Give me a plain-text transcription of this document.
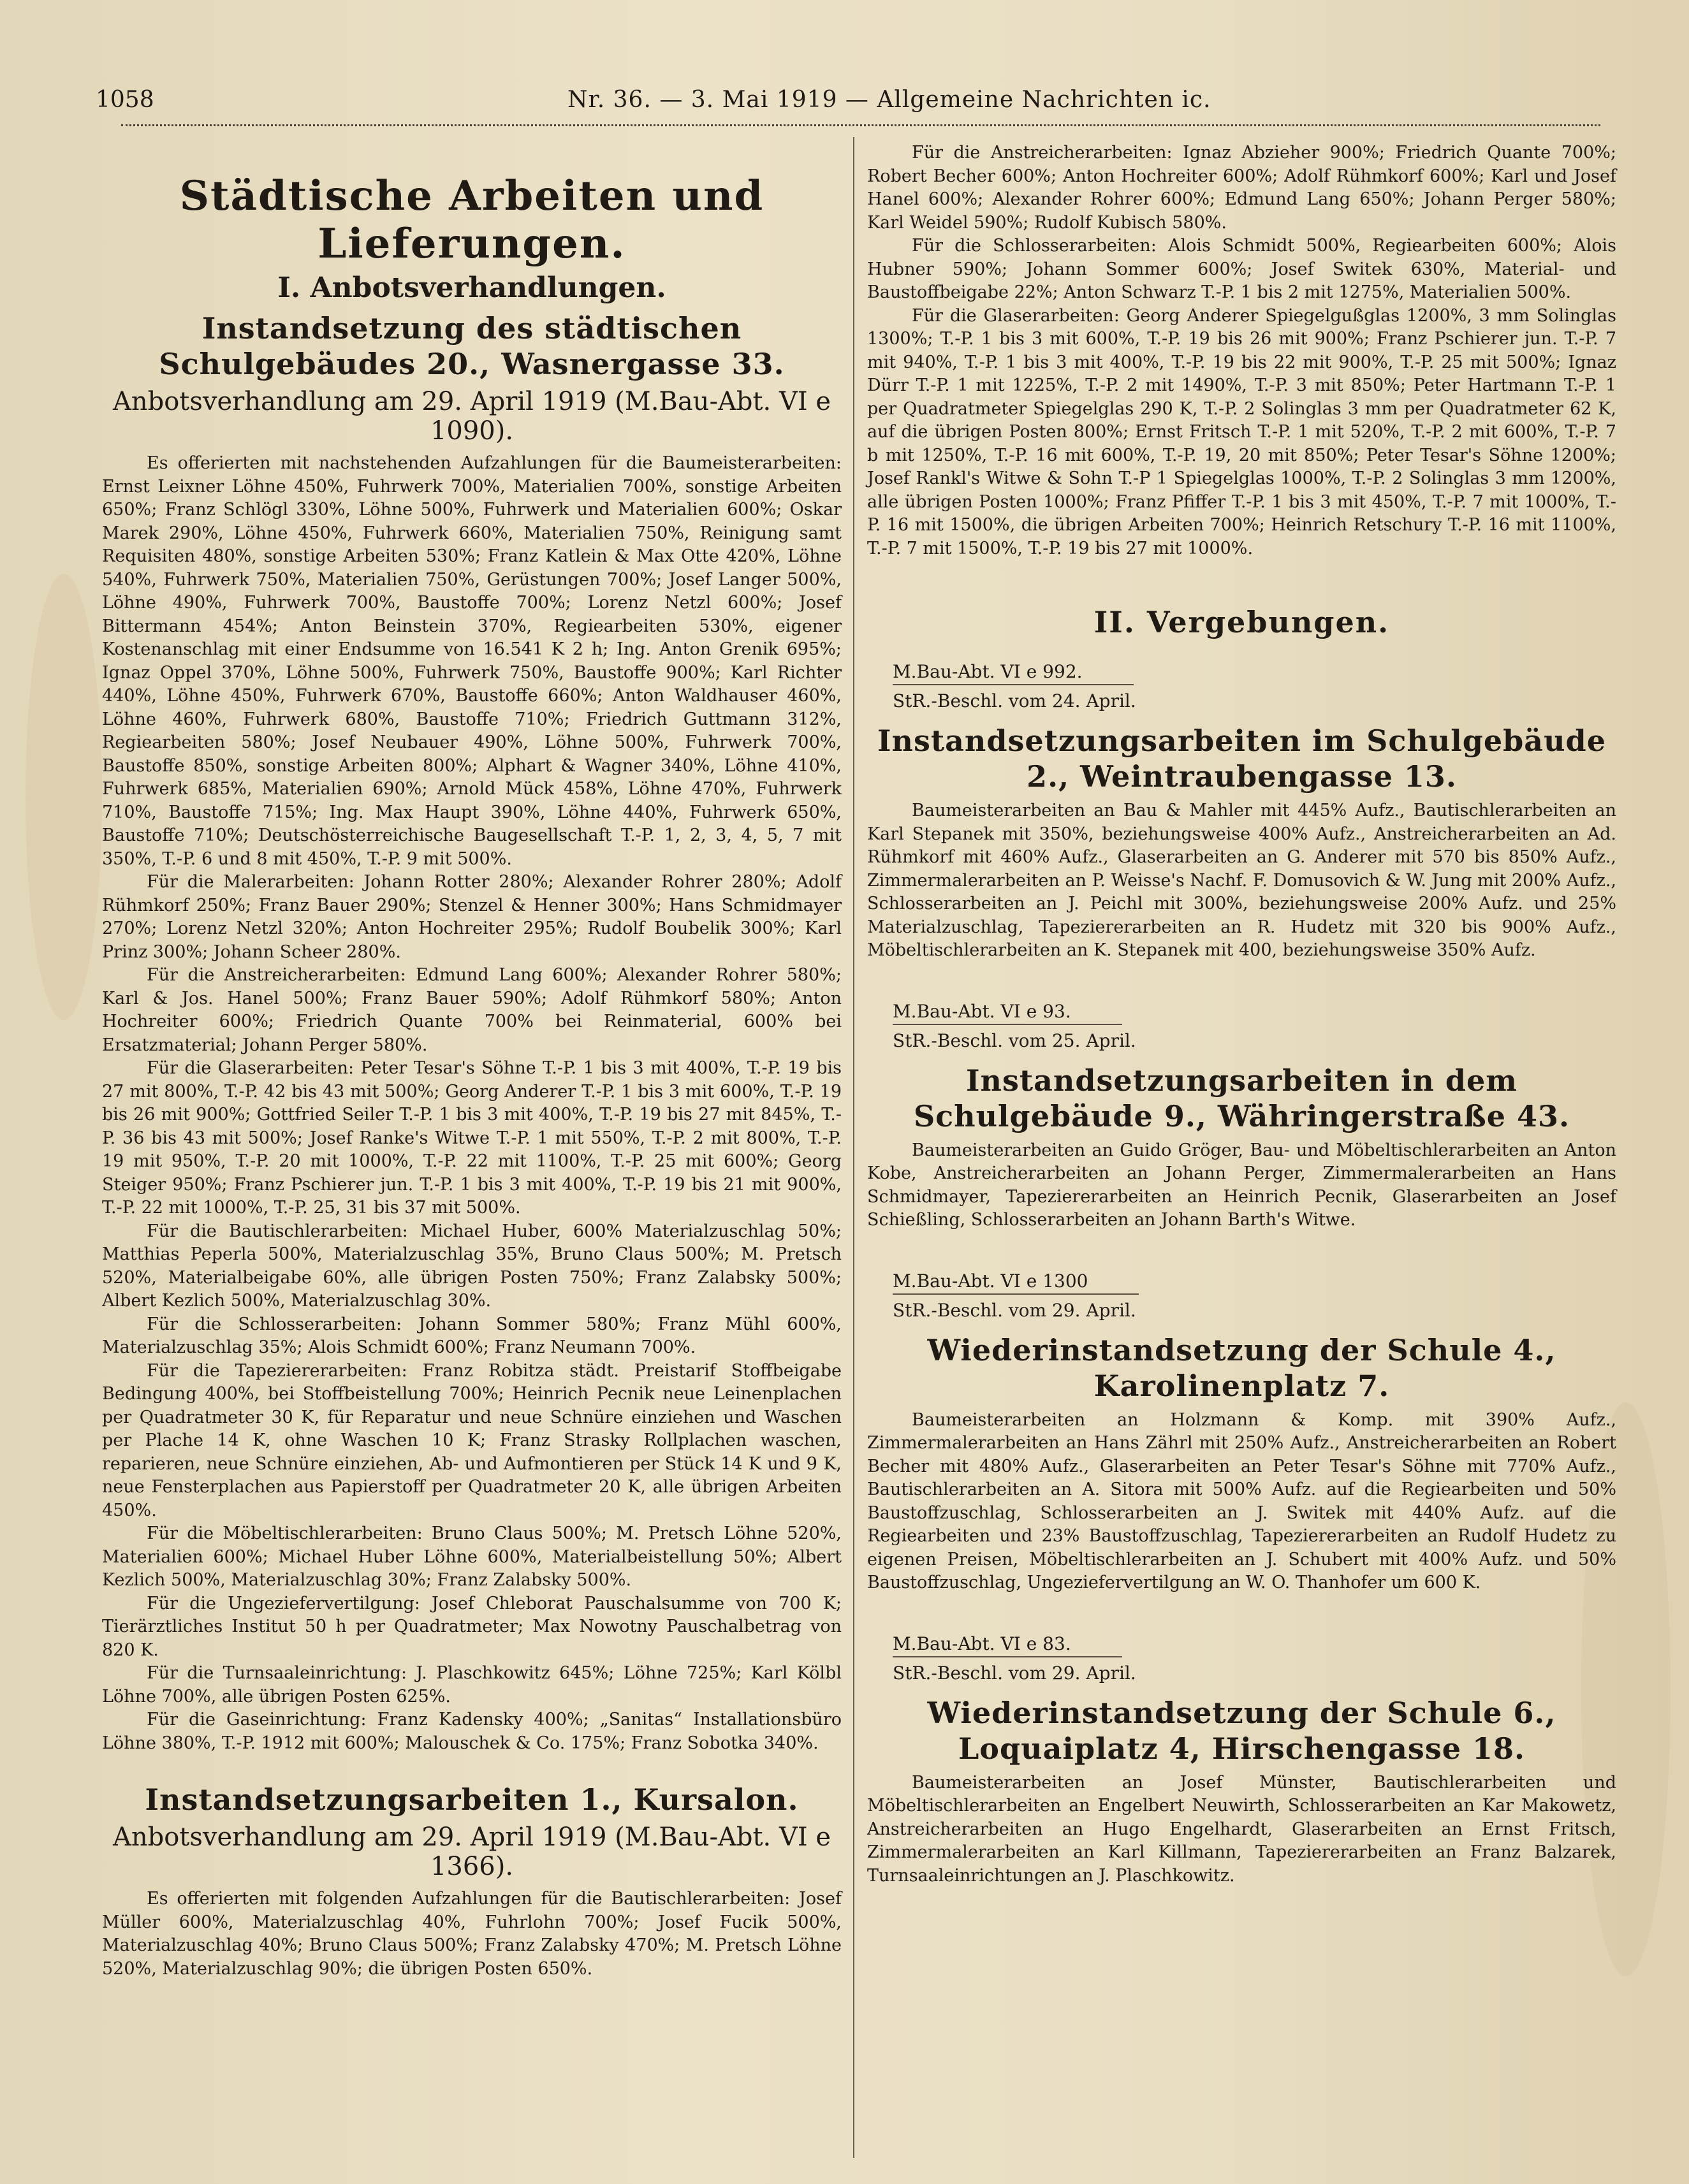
1058	Nr. 36. — 3. Mai 1919 — Allgemeine Nachrichten ic.
Städtische Arbeiten und Lieferungen.
I. Anbotsverhandlungen.
Instandsetzung des städtischen Schulgebäudes 20., Wasnergasse 33.
Anbotsverhandlung am 29. April 1919 (M.Bau-Abt. VI e 1090).

Es offerierten mit nachstehenden Aufzahlungen für die Baumeisterarbeiten: Ernst Leixner Löhne 450%, Fuhrwerk 700%, Materialien 700%, sonstige Arbeiten 650%; Franz Schlögl 330%, Löhne 500%, Fuhrwerk und Materialien 600%; Oskar Marek 290%, Löhne 450%, Fuhrwerk 660%, Materialien 750%, Reinigung samt Requisiten 480%, sonstige Arbeiten 530%; Franz Katlein & Max Otte 420%, Löhne 540%, Fuhrwerk 750%, Materialien 750%, Gerüstungen 700%; Josef Langer 500%, Löhne 490%, Fuhrwerk 700%, Baustoffe 700%; Lorenz Netzl 600%; Josef Bittermann 454%; Anton Beinstein 370%, Regiearbeiten 530%, eigener Kostenanschlag mit einer Endsumme von 16.541 K 2 h; Ing. Anton Grenik 695%; Ignaz Oppel 370%, Löhne 500%, Fuhrwerk 750%, Baustoffe 900%; Karl Richter 440%, Löhne 450%, Fuhrwerk 670%, Baustoffe 660%; Anton Waldhauser 460%, Löhne 460%, Fuhrwerk 680%, Baustoffe 710%; Friedrich Guttmann 312%, Regiearbeiten 580%; Josef Neubauer 490%, Löhne 500%, Fuhrwerk 700%, Baustoffe 850%, sonstige Arbeiten 800%; Alphart & Wagner 340%, Löhne 410%, Fuhrwerk 685%, Materialien 690%; Arnold Mück 458%, Löhne 470%, Fuhrwerk 710%, Baustoffe 715%; Ing. Max Haupt 390%, Löhne 440%, Fuhrwerk 650%, Baustoffe 710%; Deutschösterreichische Baugesellschaft T.-P. 1, 2, 3, 4, 5, 7 mit 350%, T.-P. 6 und 8 mit 450%, T.-P. 9 mit 500%.

Für die Malerarbeiten: Johann Rotter 280%; Alexander Rohrer 280%; Adolf Rühmkorf 250%; Franz Bauer 290%; Stenzel & Henner 300%; Hans Schmidmayer 270%; Lorenz Netzl 320%; Anton Hochreiter 295%; Rudolf Boubelik 300%; Karl Prinz 300%; Johann Scheer 280%.

Für die Anstreicherarbeiten: Edmund Lang 600%; Alexander Rohrer 580%; Karl & Jos. Hanel 500%; Franz Bauer 590%; Adolf Rühmkorf 580%; Anton Hochreiter 600%; Friedrich Quante 700% bei Reinmaterial, 600% bei Ersatzmaterial; Johann Perger 580%.

Für die Glaserarbeiten: Peter Tesar's Söhne T.-P. 1 bis 3 mit 400%, T.-P. 19 bis 27 mit 800%, T.-P. 42 bis 43 mit 500%; Georg Anderer T.-P. 1 bis 3 mit 600%, T.-P. 19 bis 26 mit 900%; Gottfried Seiler T.-P. 1 bis 3 mit 400%, T.-P. 19 bis 27 mit 845%, T.-P. 36 bis 43 mit 500%; Josef Ranke's Witwe T.-P. 1 mit 550%, T.-P. 2 mit 800%, T.-P. 19 mit 950%, T.-P. 20 mit 1000%, T.-P. 22 mit 1100%, T.-P. 25 mit 600%; Georg Steiger 950%; Franz Pschierer jun. T.-P. 1 bis 3 mit 400%, T.-P. 19 bis 21 mit 900%, T.-P. 22 mit 1000%, T.-P. 25, 31 bis 37 mit 500%.

Für die Bautischlerarbeiten: Michael Huber, 600% Materialzuschlag 50%; Matthias Peperla 500%, Materialzuschlag 35%, Bruno Claus 500%; M. Pretsch 520%, Materialbeigabe 60%, alle übrigen Posten 750%; Franz Zalabsky 500%; Albert Kezlich 500%, Materialzuschlag 30%.

Für die Schlosserarbeiten: Johann Sommer 580%; Franz Mühl 600%, Materialzuschlag 35%; Alois Schmidt 600%; Franz Neumann 700%.

Für die Tapeziererarbeiten: Franz Robitza städt. Preistarif Stoffbeigabe Bedingung 400%, bei Stoffbeistellung 700%; Heinrich Pecnik neue Leinenplachen per Quadratmeter 30 K, für Reparatur und neue Schnüre einziehen und Waschen per Plache 14 K, ohne Waschen 10 K; Franz Strasky Rollplachen waschen, reparieren, neue Schnüre einziehen, Ab- und Aufmontieren per Stück 14 K und 9 K, neue Fensterplachen aus Papierstoff per Quadratmeter 20 K, alle übrigen Arbeiten 450%.

Für die Möbeltischlerarbeiten: Bruno Claus 500%; M. Pretsch Löhne 520%, Materialien 600%; Michael Huber Löhne 600%, Materialbeistellung 50%; Albert Kezlich 500%, Materialzuschlag 30%; Franz Zalabsky 500%.

Für die Ungeziefervertilgung: Josef Chleborat Pauschalsumme von 700 K; Tierärztliches Institut 50 h per Quadratmeter; Max Nowotny Pauschalbetrag von 820 K.

Für die Turnsaaleinrichtung: J. Plaschkowitz 645%; Löhne 725%; Karl Kölbl Löhne 700%, alle übrigen Posten 625%.

Für die Gaseinrichtung: Franz Kadensky 400%; „Sanitas“ Installationsbüro Löhne 380%, T.-P. 1912 mit 600%; Malouschek & Co. 175%; Franz Sobotka 340%.

Instandsetzungsarbeiten 1., Kursalon.
Anbotsverhandlung am 29. April 1919 (M.Bau-Abt. VI e 1366).

Es offerierten mit folgenden Aufzahlungen für die Bautischlerarbeiten: Josef Müller 600%, Materialzuschlag 40%, Fuhrlohn 700%; Josef Fucik 500%, Materialzuschlag 40%; Bruno Claus 500%; Franz Zalabsky 470%; M. Pretsch Löhne 520%, Materialzuschlag 90%; die übrigen Posten 650%.

Für die Anstreicherarbeiten: Ignaz Abzieher 900%; Friedrich Quante 700%; Robert Becher 600%; Anton Hochreiter 600%; Adolf Rühmkorf 600%; Karl und Josef Hanel 600%; Alexander Rohrer 600%; Edmund Lang 650%; Johann Perger 580%; Karl Weidel 590%; Rudolf Kubisch 580%.

Für die Schlosserarbeiten: Alois Schmidt 500%, Regiearbeiten 600%; Alois Hubner 590%; Johann Sommer 600%; Josef Switek 630%, Material- und Baustoffbeigabe 22%; Anton Schwarz T.-P. 1 bis 2 mit 1275%, Materialien 500%.

Für die Glaserarbeiten: Georg Anderer Spiegelgußglas 1200%, 3 mm Solinglas 1300%; T.-P. 1 bis 3 mit 600%, T.-P. 19 bis 26 mit 900%; Franz Pschierer jun. T.-P. 7 mit 940%, T.-P. 1 bis 3 mit 400%, T.-P. 19 bis 22 mit 900%, T.-P. 25 mit 500%; Ignaz Dürr T.-P. 1 mit 1225%, T.-P. 2 mit 1490%, T.-P. 3 mit 850%; Peter Hartmann T.-P. 1 per Quadratmeter Spiegelglas 290 K, T.-P. 2 Solinglas 3 mm per Quadratmeter 62 K, auf die übrigen Posten 800%; Ernst Fritsch T.-P. 1 mit 520%, T.-P. 2 mit 600%, T.-P. 7 b mit 1250%, T.-P. 16 mit 600%, T.-P. 19, 20 mit 850%; Peter Tesar's Söhne 1200%; Josef Rankl's Witwe & Sohn T.-P 1 Spiegelglas 1000%, T.-P. 2 Solinglas 3 mm 1200%, alle übrigen Posten 1000%; Franz Pfiffer T.-P. 1 bis 3 mit 450%, T.-P. 7 mit 1000%, T.-P. 16 mit 1500%, die übrigen Arbeiten 700%; Heinrich Retschury T.-P. 16 mit 1100%, T.-P. 7 mit 1500%, T.-P. 19 bis 27 mit 1000%.

II. Vergebungen.
M.Bau-Abt. VI e 992.
StR.-Beschl. vom 24. April.
Instandsetzungsarbeiten im Schulgebäude 2., Weintraubengasse 13.

Baumeisterarbeiten an Bau & Mahler mit 445% Aufz., Bautischlerarbeiten an Karl Stepanek mit 350%, beziehungsweise 400% Aufz., Anstreicherarbeiten an Ad. Rühmkorf mit 460% Aufz., Glaserarbeiten an G. Anderer mit 570 bis 850% Aufz., Zimmermalerarbeiten an P. Weisse's Nachf. F. Domusovich & W. Jung mit 200% Aufz., Schlosserarbeiten an J. Peichl mit 300%, beziehungsweise 200% Aufz. und 25% Materialzuschlag, Tapeziererarbeiten an R. Hudetz mit 320 bis 900% Aufz., Möbeltischlerarbeiten an K. Stepanek mit 400, beziehungsweise 350% Aufz.

M.Bau-Abt. VI e 93.
StR.-Beschl. vom 25. April.
Instandsetzungsarbeiten in dem Schulgebäude 9., Währingerstraße 43.

Baumeisterarbeiten an Guido Gröger, Bau- und Möbeltischlerarbeiten an Anton Kobe, Anstreicherarbeiten an Johann Perger, Zimmermalerarbeiten an Hans Schmidmayer, Tapeziererarbeiten an Heinrich Pecnik, Glaserarbeiten an Josef Schießling, Schlosserarbeiten an Johann Barth's Witwe.

M.Bau-Abt. VI e 1300
StR.-Beschl. vom 29. April.
Wiederinstandsetzung der Schule 4., Karolinenplatz 7.

Baumeisterarbeiten an Holzmann & Komp. mit 390% Aufz., Zimmermalerarbeiten an Hans Zährl mit 250% Aufz., Anstreicherarbeiten an Robert Becher mit 480% Aufz., Glaserarbeiten an Peter Tesar's Söhne mit 770% Aufz., Bautischlerarbeiten an A. Sitora mit 500% Aufz. auf die Regiearbeiten und 50% Baustoffzuschlag, Schlosserarbeiten an J. Switek mit 440% Aufz. auf die Regiearbeiten und 23% Baustoffzuschlag, Tapeziererarbeiten an Rudolf Hudetz zu eigenen Preisen, Möbeltischlerarbeiten an J. Schubert mit 400% Aufz. und 50% Baustoffzuschlag, Ungeziefervertilgung an W. O. Thanhofer um 600 K.

M.Bau-Abt. VI e 83.
StR.-Beschl. vom 29. April.
Wiederinstandsetzung der Schule 6., Loquaiplatz 4, Hirschengasse 18.

Baumeisterarbeiten an Josef Münster, Bautischlerarbeiten und Möbeltischlerarbeiten an Engelbert Neuwirth, Schlosserarbeiten an Kar Makowetz, Anstreicherarbeiten an Hugo Engelhardt, Glaserarbeiten an Ernst Fritsch, Zimmermalerarbeiten an Karl Killmann, Tapeziererarbeiten an Franz Balzarek, Turnsaaleinrichtungen an J. Plaschkowitz.
